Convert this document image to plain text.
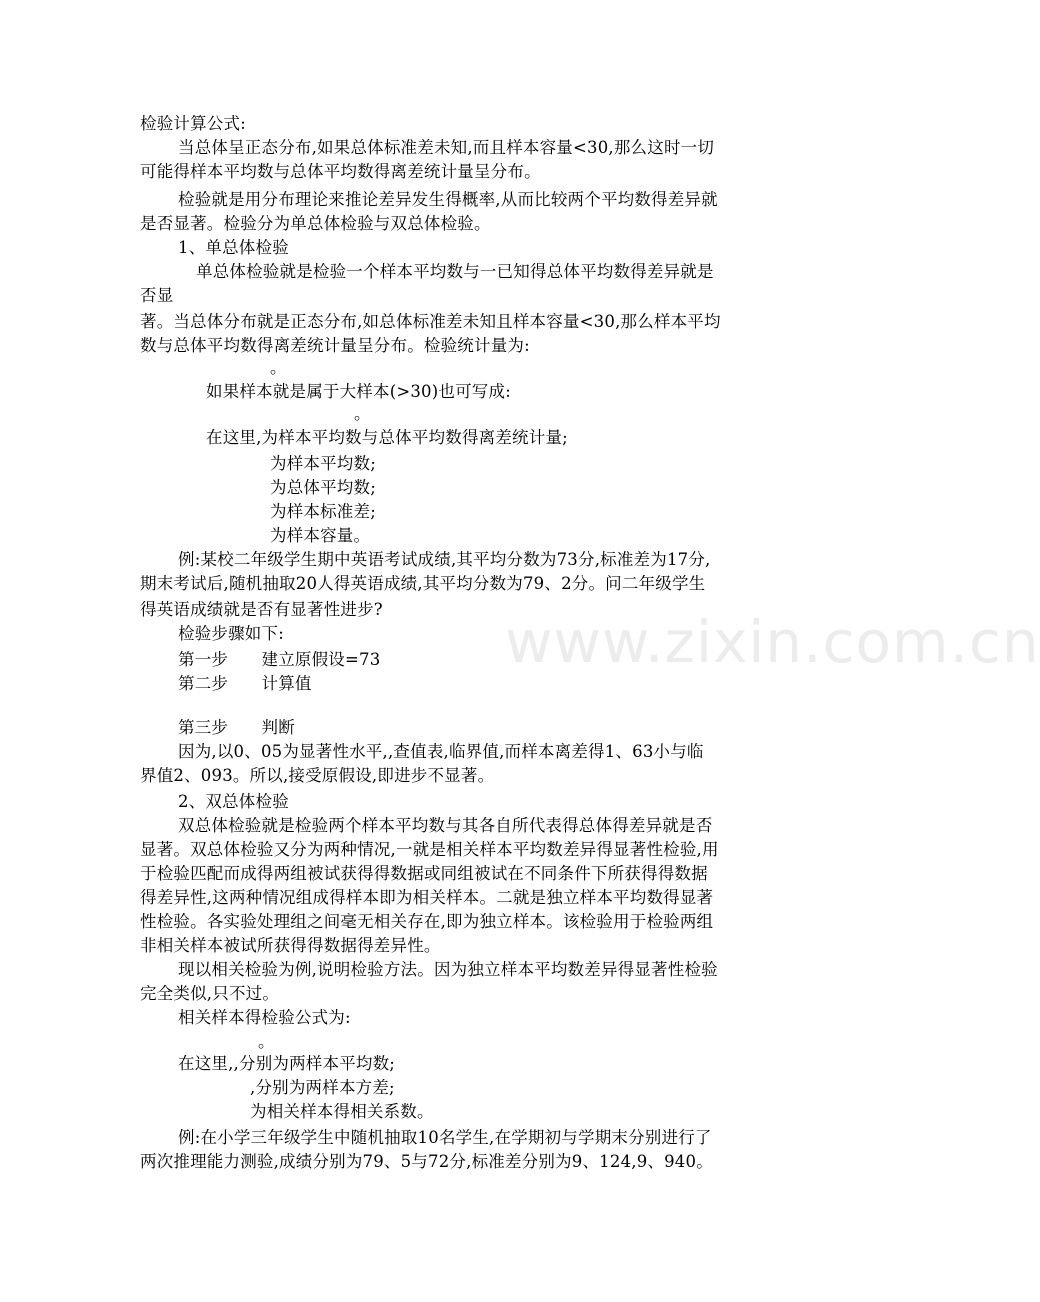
www.zixin.com.cn
检验计算公式:
当总体呈正态分布,如果总体标准差未知,而且样本容量<30,那么这时一切
可能得样本平均数与总体平均数得离差统计量呈分布。
检验就是用分布理论来推论差异发生得概率,从而比较两个平均数得差异就
是否显著。检验分为单总体检验与双总体检验。
1、单总体检验
单总体检验就是检验一个样本平均数与一已知得总体平均数得差异就是
否显
著。当总体分布就是正态分布,如总体标准差未知且样本容量<30,那么样本平均
数与总体平均数得离差统计量呈分布。检验统计量为:
。
如果样本就是属于大样本(>30)也可写成:
。
在这里,为样本平均数与总体平均数得离差统计量;
为样本平均数;
为总体平均数;
为样本标准差;
为样本容量。
例:某校二年级学生期中英语考试成绩,其平均分数为73分,标准差为17分,
期末考试后,随机抽取20人得英语成绩,其平均分数为79、2分。问二年级学生
得英语成绩就是否有显著性进步?
检验步骤如下:
第一步　　建立原假设=73
第二步　　计算值
第三步　　判断
因为,以0、05为显著性水平,,查值表,临界值,而样本离差得1、63小与临
界值2、093。所以,接受原假设,即进步不显著。
2、双总体检验
双总体检验就是检验两个样本平均数与其各自所代表得总体得差异就是否
显著。双总体检验又分为两种情况,一就是相关样本平均数差异得显著性检验,用
于检验匹配而成得两组被试获得得数据或同组被试在不同条件下所获得得数据
得差异性,这两种情况组成得样本即为相关样本。二就是独立样本平均数得显著
性检验。各实验处理组之间毫无相关存在,即为独立样本。该检验用于检验两组
非相关样本被试所获得得数据得差异性。
现以相关检验为例,说明检验方法。因为独立样本平均数差异得显著性检验
完全类似,只不过。
相关样本得检验公式为:
。
在这里,,分别为两样本平均数;
,分别为两样本方差;
为相关样本得相关系数。
例:在小学三年级学生中随机抽取10名学生,在学期初与学期末分别进行了
两次推理能力测验,成绩分别为79、5与72分,标准差分别为9、124,9、940。
